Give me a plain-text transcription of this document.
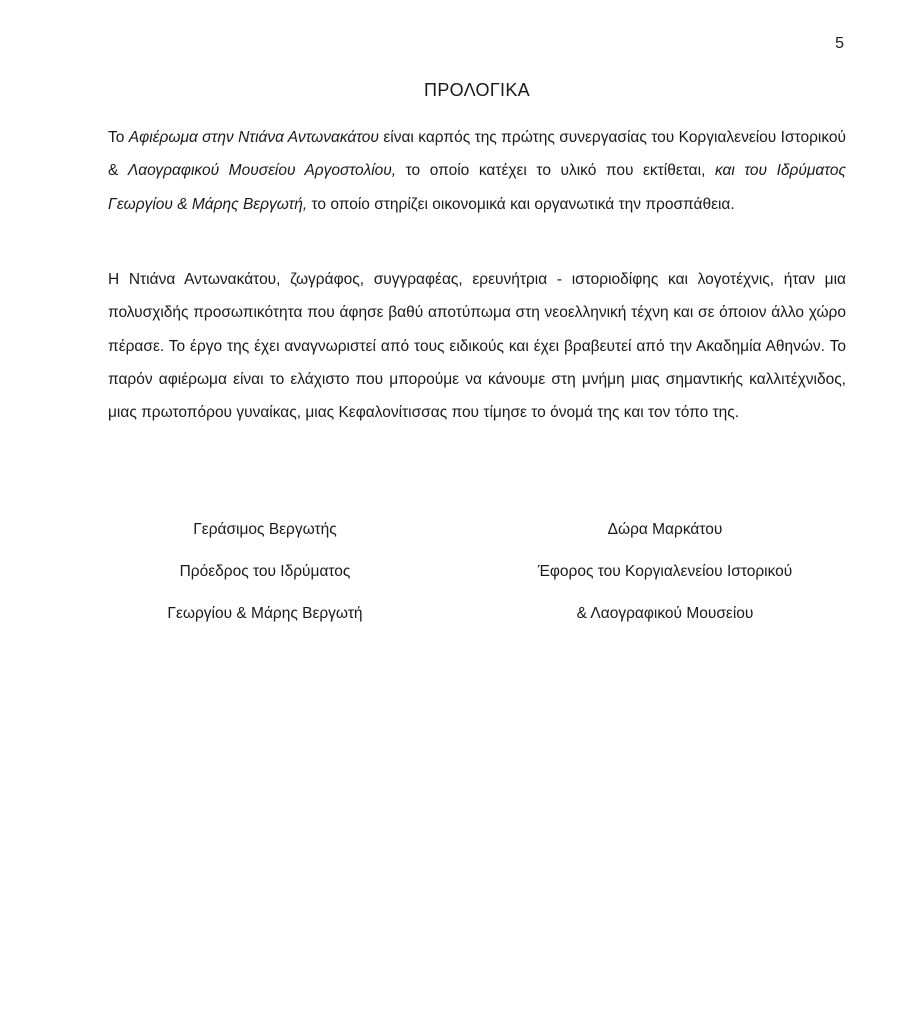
5
ΠΡΟΛΟΓΙΚΑ

Το Αφιέρωμα στην Ντιάνα Αντωνακάτου είναι καρπός της πρώτης συνεργασίας του Κοργιαλενείου Ιστορικού & Λαογραφικού Μουσείου Αργοστολίου, το οποίο κατέχει το υλικό που εκτίθεται, και του Ιδρύματος Γεωργίου & Μάρης Βεργωτή, το οποίο στηρίζει οικονομικά και οργανωτικά την προσπάθεια.

Η Ντιάνα Αντωνακάτου, ζωγράφος, συγγραφέας, ερευνήτρια - ιστοριοδίφης και λογοτέχνις, ήταν μια πολυσχιδής προσωπικότητα που άφησε βαθύ αποτύπωμα στη νεοελληνική τέχνη και σε όποιον άλλο χώρο πέρασε. Το έργο της έχει αναγνωριστεί από τους ειδικούς και έχει βραβευτεί από την Ακαδημία Αθηνών. Το παρόν αφιέρωμα είναι το ελάχιστο που μπορούμε να κάνουμε στη μνήμη μιας σημαντικής καλλιτέχνιδος, μιας πρωτοπόρου γυναίκας, μιας Κεφαλονίτισσας που τίμησε το όνομά της και τον τόπο της.

Γεράσιμος Βεργωτής
Πρόεδρος του Ιδρύματος
Γεωργίου & Μάρης Βεργωτή
Δώρα Μαρκάτου
Έφορος του Κοργιαλενείου Ιστορικού
& Λαογραφικού Μουσείου
